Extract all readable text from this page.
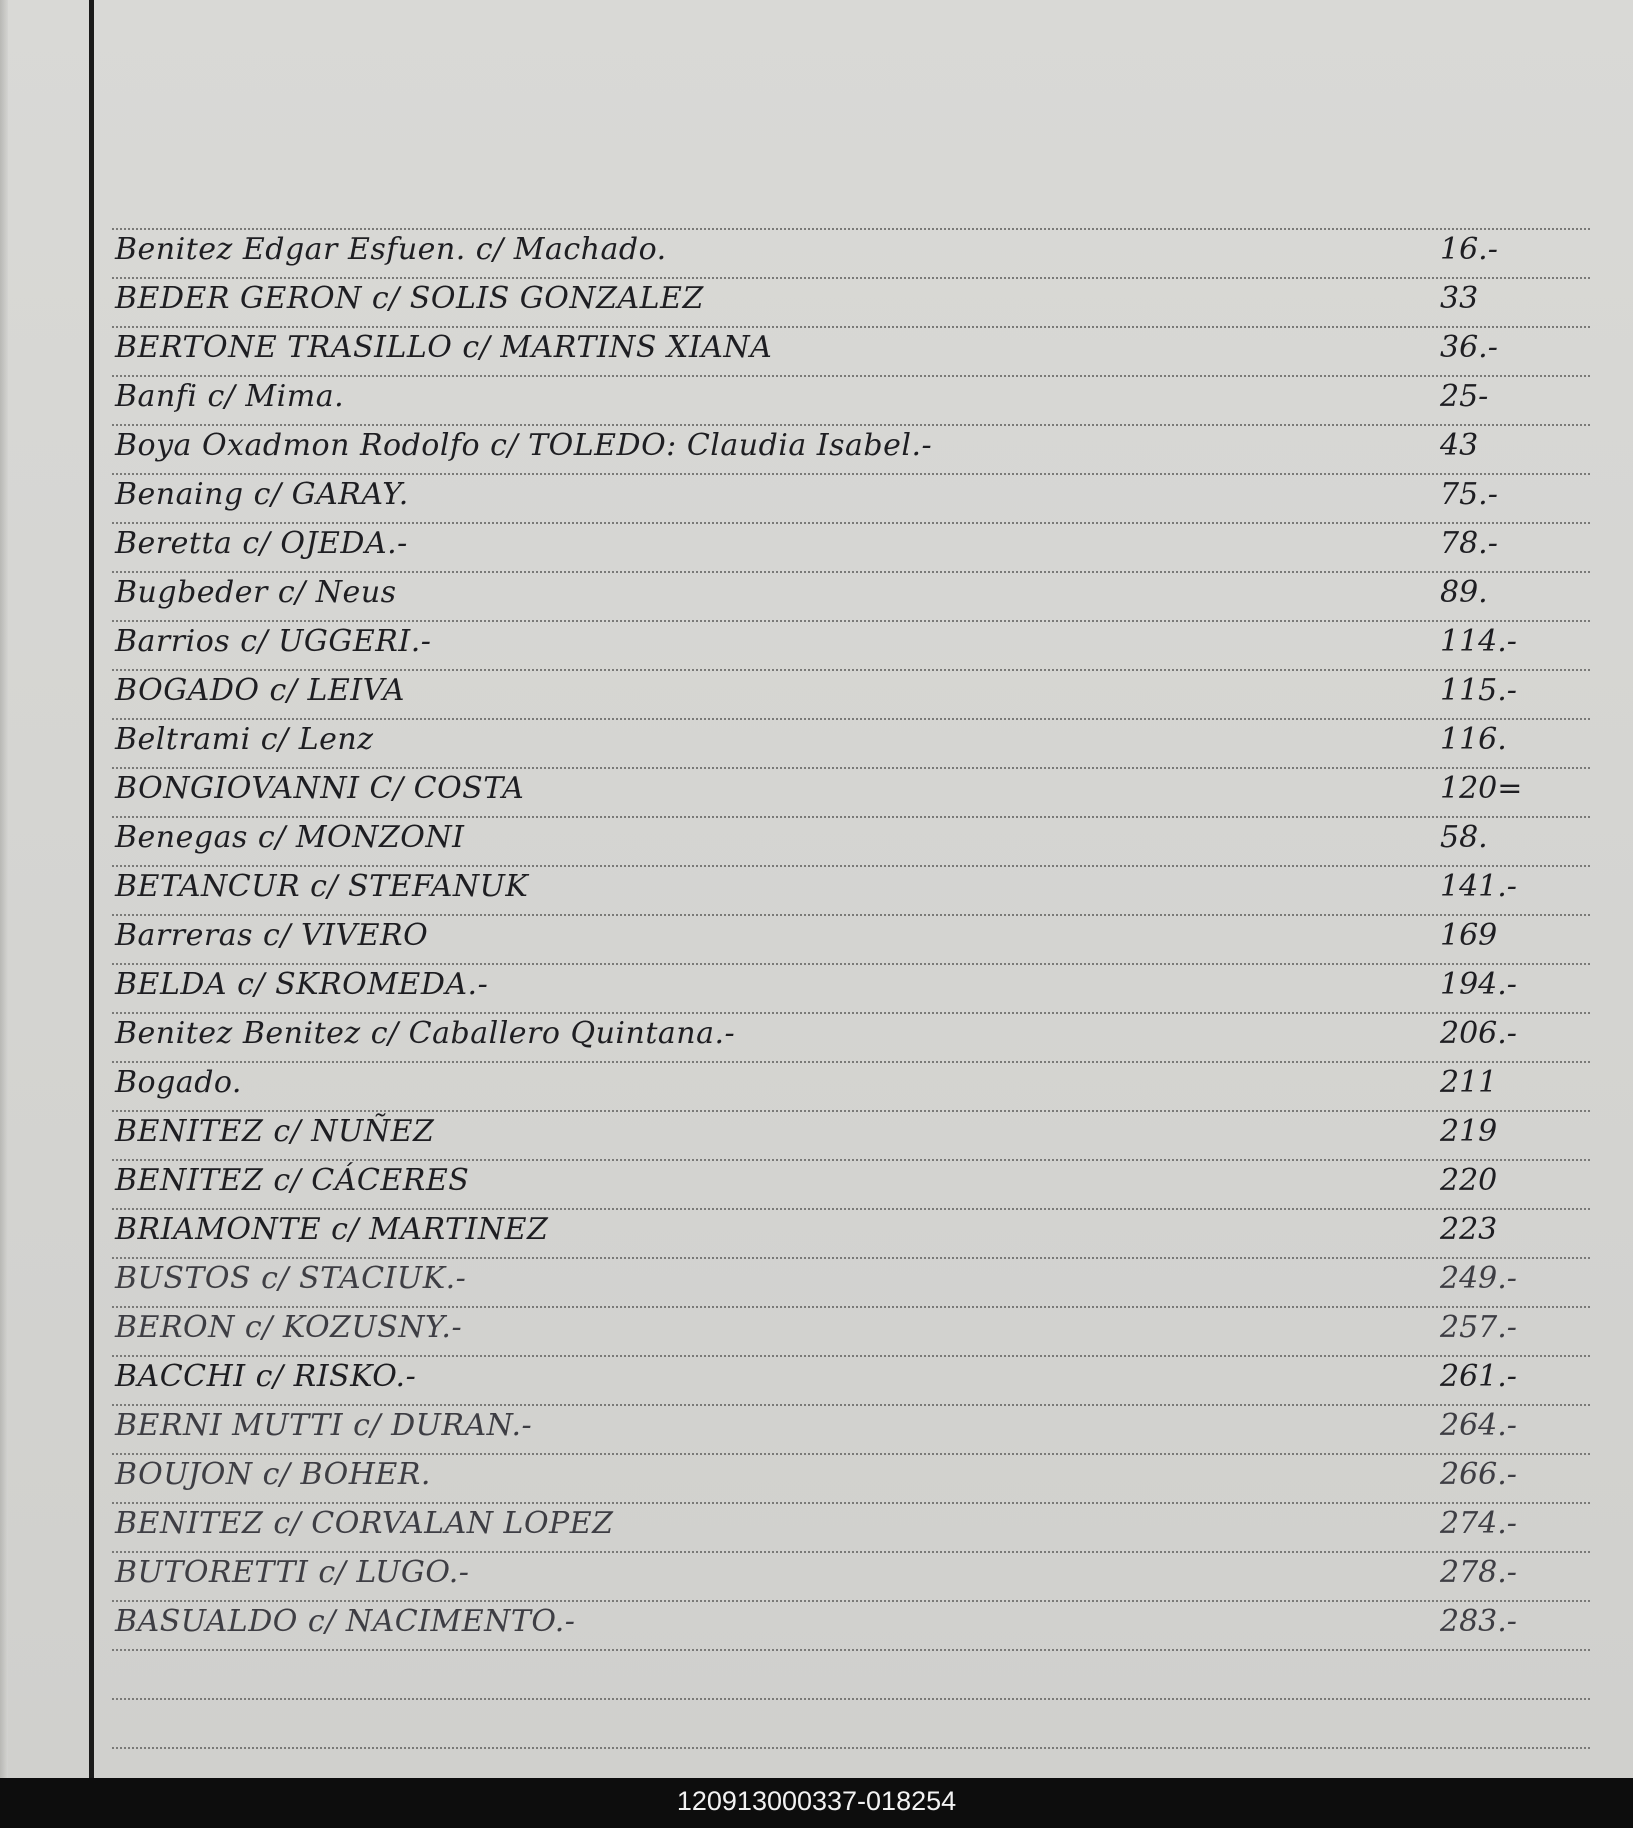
Benitez Edgar Esfuen. c/ Machado.	16.-
BEDER GERON c/ SOLIS GONZALEZ	33
BERTONE TRASILLO c/ MARTINS XIANA	36.-
Banfi c/ Mima.	25-
Boya Oxadmon Rodolfo c/ TOLEDO: Claudia Isabel.-	43
Benaing c/ GARAY.	75.-
Beretta c/ OJEDA.-	78.-
Bugbeder c/ Neus	89.
Barrios c/ UGGERI.-	114.-
BOGADO c/ LEIVA	115.-
Beltrami c/ Lenz	116.
BONGIOVANNI C/ COSTA	120=
Benegas c/ MONZONI	58.
BETANCUR c/ STEFANUK	141.-
Barreras c/ VIVERO	169
BELDA c/ SKROMEDA.-	194.-
Benitez Benitez c/ Caballero Quintana.-	206.-
Bogado.	211
BENITEZ c/ NUÑEZ	219
BENITEZ c/ CÁCERES	220
BRIAMONTE c/ MARTINEZ	223
BUSTOS c/ STACIUK.-	249.-
BERON c/ KOZUSNY.-	257.-
BACCHI c/ RISKO.-	261.-
BERNI MUTTI c/ DURAN.-	264.-
BOUJON c/ BOHER.	266.-
BENITEZ c/ CORVALAN LOPEZ	274.-
BUTORETTI c/ LUGO.-	278.-
BASUALDO c/ NACIMENTO.-	283.-
120913000337-018254
